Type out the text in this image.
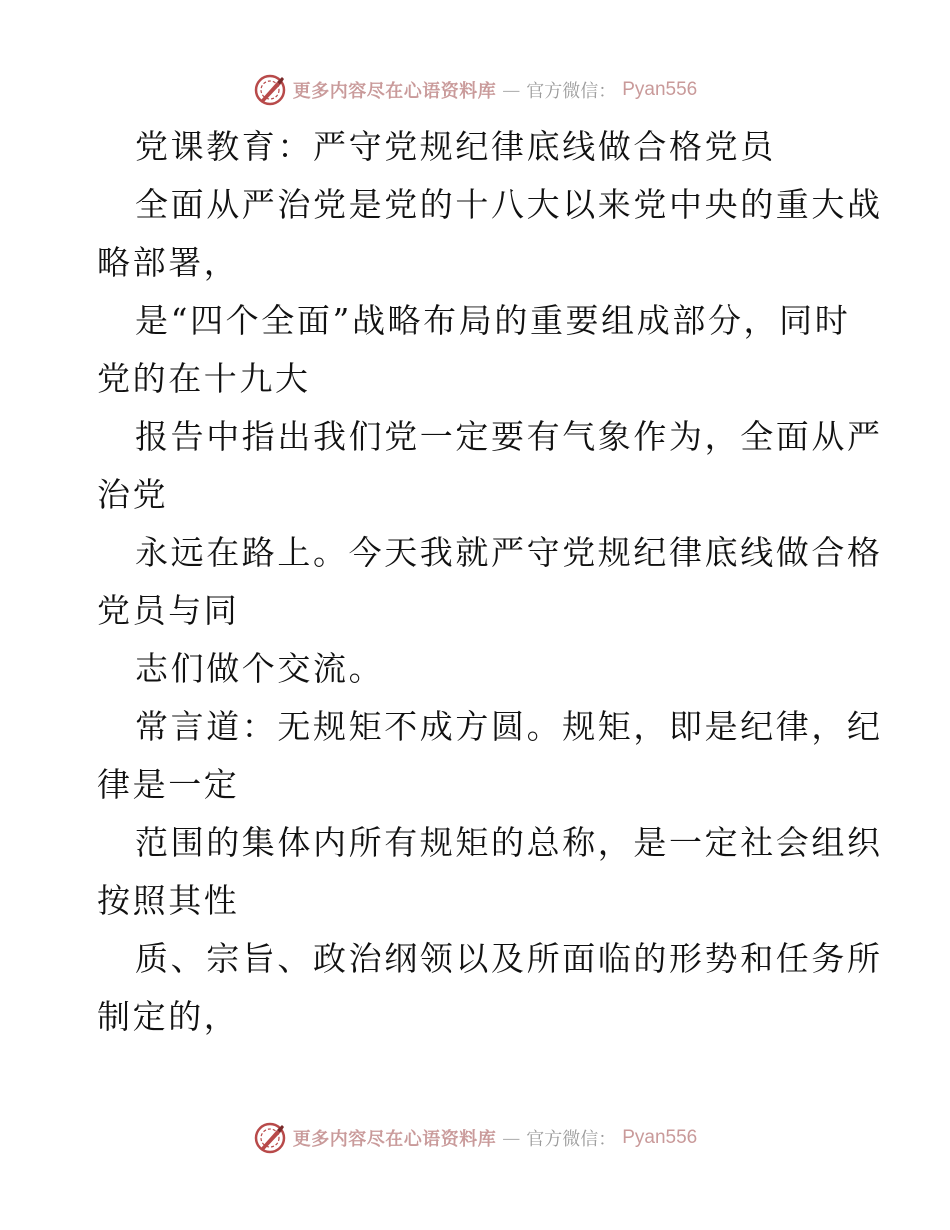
更多内容尽在心语资料库 — 官方微信： Pyan556
党课教育：严守党规纪律底线做合格党员
全面从严治党是党的十八大以来党中央的重大战
略部署，
是“四个全面”战略布局的重要组成部分，同时
党的在十九大
报告中指出我们党一定要有气象作为，全面从严
治党
永远在路上。今天我就严守党规纪律底线做合格
党员与同
志们做个交流。
常言道：无规矩不成方圆。规矩，即是纪律，纪
律是一定
范围的集体内所有规矩的总称，是一定社会组织
按照其性
质、宗旨、政治纲领以及所面临的形势和任务所
制定的，
更多内容尽在心语资料库 — 官方微信： Pyan556
